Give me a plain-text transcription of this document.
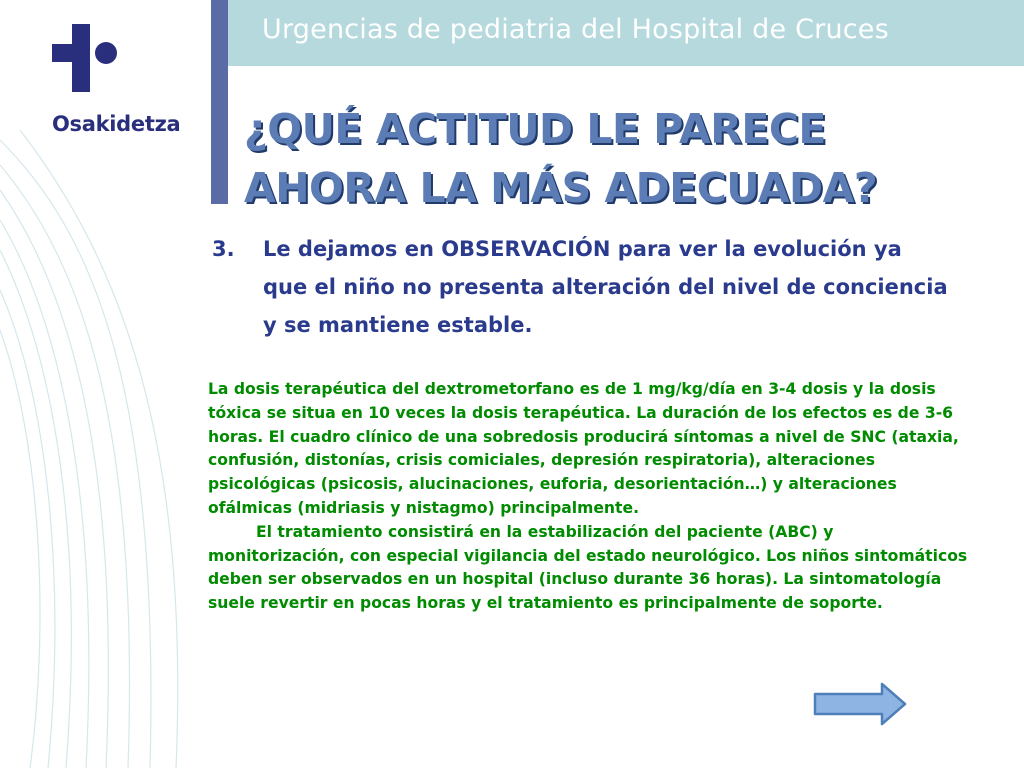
Urgencias de pediatria del Hospital de Cruces
Osakidetza ¿QUÉ ACTITUD LE PARECE
AHORA LA MÁS ADECUADA?
3.	Le dejamos en OBSERVACIÓN para ver la evolución ya que el niño no presenta alteración del nivel de conciencia y se mantiene estable.

La dosis terapéutica del dextrometorfano es de 1 mg/kg/día en 3-4 dosis y la dosis tóxica se situa en 10 veces la dosis terapéutica. La duración de los efectos es de 3-6 horas. El cuadro clínico de una sobredosis producirá síntomas a nivel de SNC (ataxia, confusión, distonías, crisis comiciales, depresión respiratoria), alteraciones psicológicas (psicosis, alucinaciones, euforia, desorientación…) y alteraciones ofálmicas (midriasis y nistagmo) principalmente.

El tratamiento consistirá en la estabilización del paciente (ABC) y monitorización, con especial vigilancia del estado neurológico. Los niños sintomáticos deben ser observados en un hospital (incluso durante 36 horas). La sintomatología suele revertir en pocas horas y el tratamiento es principalmente de soporte.
